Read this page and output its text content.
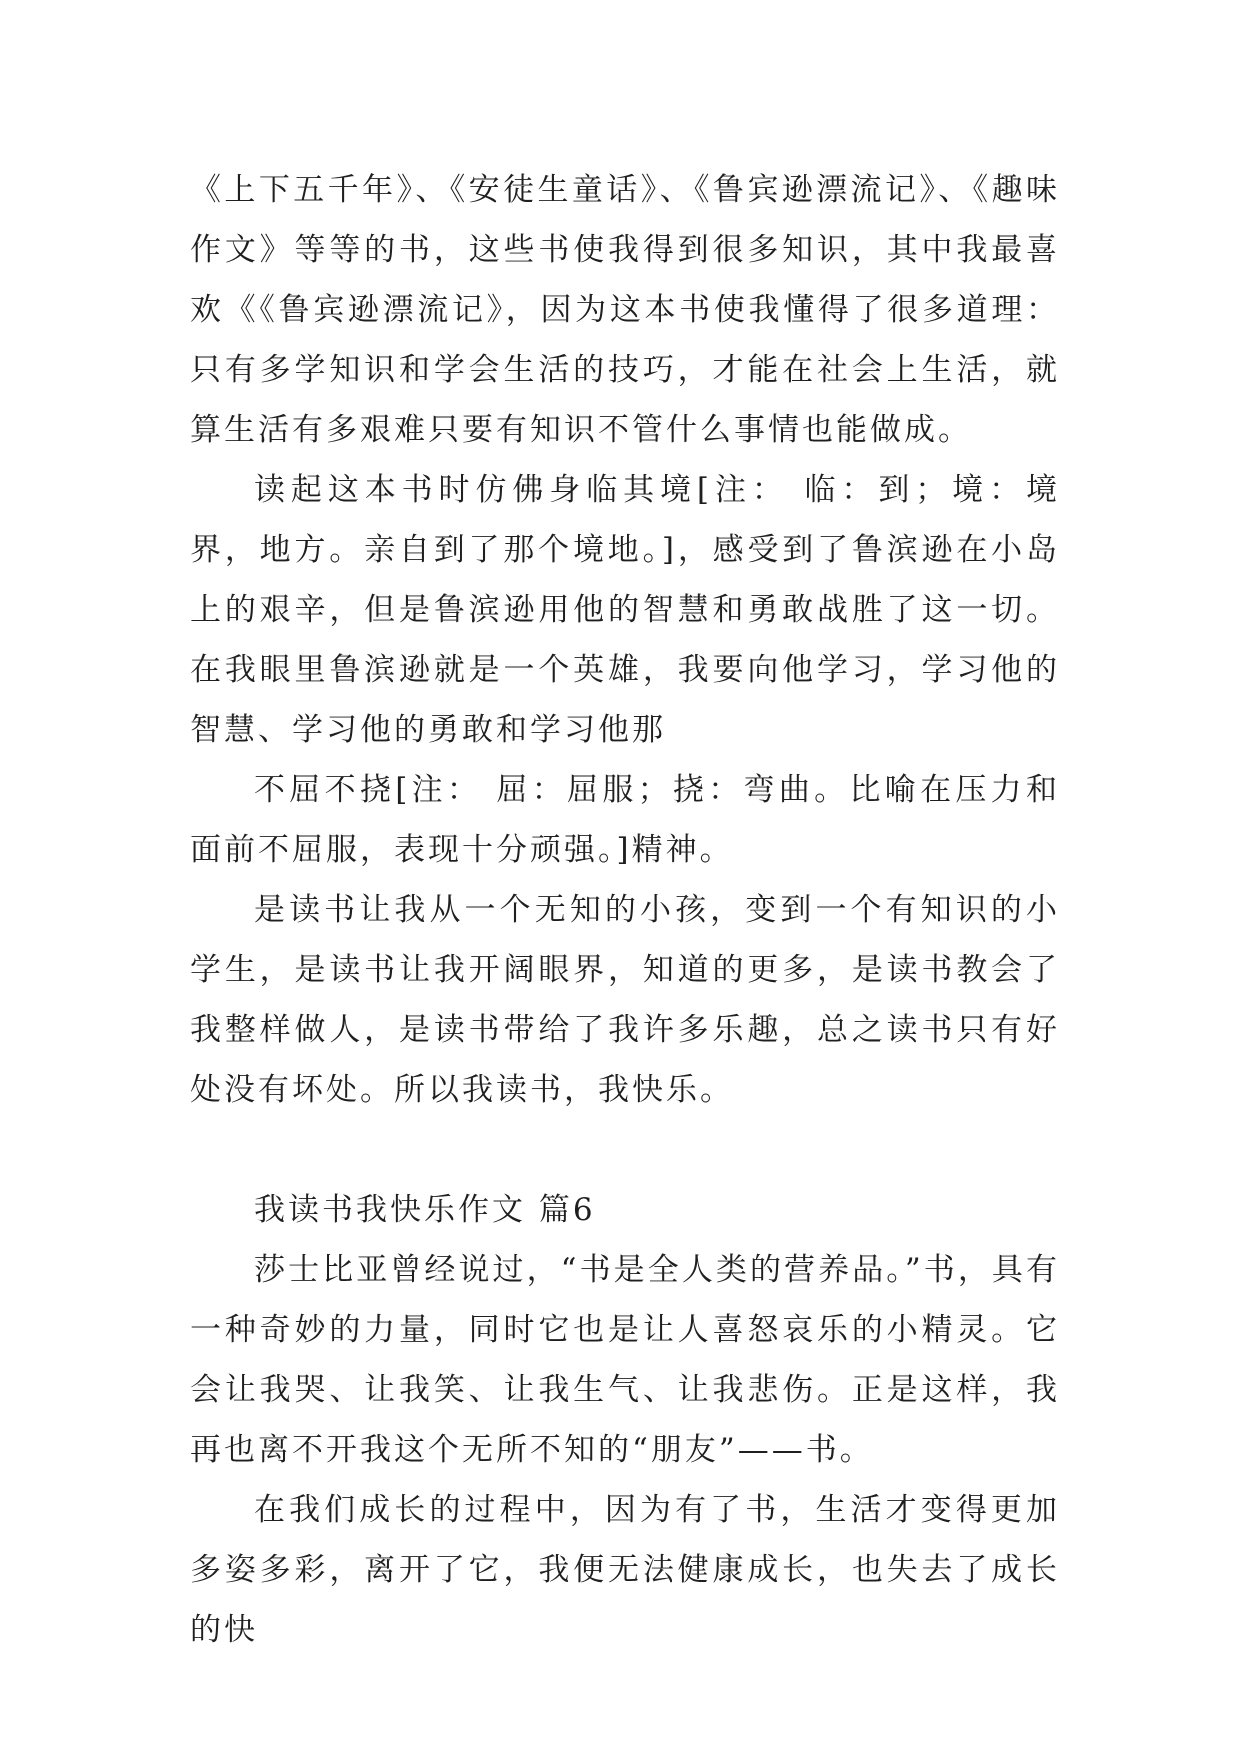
《上下五千年》、《安徒生童话》、《鲁宾逊漂流记》、《趣味作文》等等的书，这些书使我得到很多知识，其中我最喜欢《《鲁宾逊漂流记》，因为这本书使我懂得了很多道理：只有多学知识和学会生活的技巧，才能在社会上生活，就算生活有多艰难只要有知识不管什么事情也能做成。

读起这本书时仿佛身临其境[注： 临：到；境：境界，地方。亲自到了那个境地。]，感受到了鲁滨逊在小岛上的艰辛，但是鲁滨逊用他的智慧和勇敢战胜了这一切。在我眼里鲁滨逊就是一个英雄，我要向他学习，学习他的智慧、学习他的勇敢和学习他那

不屈不挠[注： 屈：屈服；挠：弯曲。比喻在压力和面前不屈服，表现十分顽强。]精神。

是读书让我从一个无知的小孩，变到一个有知识的小学生，是读书让我开阔眼界，知道的更多，是读书教会了我整样做人，是读书带给了我许多乐趣，总之读书只有好处没有坏处。所以我读书，我快乐。

我读书我快乐作文 篇6

莎士比亚曾经说过，“书是全人类的营养品。”书，具有一种奇妙的力量，同时它也是让人喜怒哀乐的小精灵。它会让我哭、让我笑、让我生气、让我悲伤。正是这样，我再也离不开我这个无所不知的“朋友”——书。

在我们成长的过程中，因为有了书，生活才变得更加多姿多彩，离开了它，我便无法健康成长，也失去了成长的快
